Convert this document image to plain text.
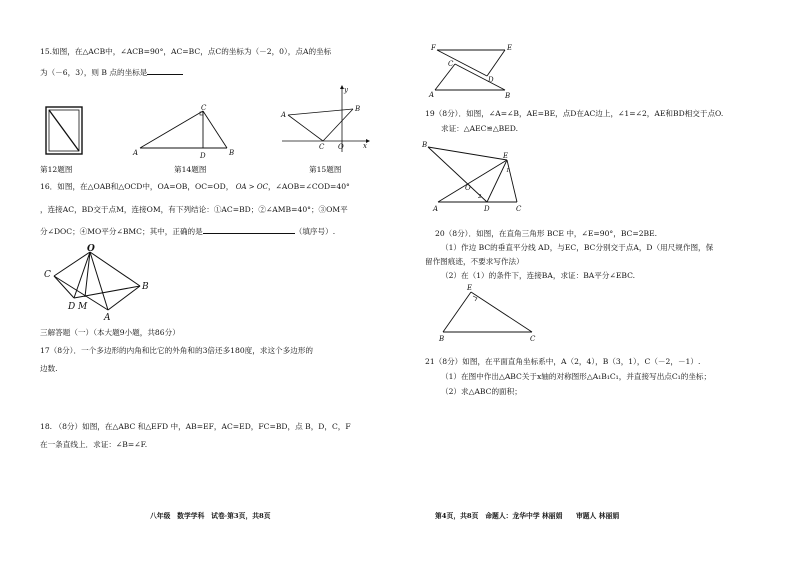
15.如图，在△ACB中，∠ACB=90°，AC=BC，点C的坐标为（－2，0），点A的坐标
为（－6，3），则 B 点的坐标是
C
A	D	B
y
A
B
C O	x
第12题图	第14题图	第15题图
16．如图，在△OAB和△OCD中，OA=OB，OC=OD， OA > OC，∠AOB=∠COD=40°
，连接AC，BD交于点M，连接OM，有下列结论：①AC=BD；②∠AMB=40°；③OM平
分∠DOC；④MO平分∠BMC；其中，正确的是	（填序号）.
O
C
D M
B
A
三解答题（一）（本大题9小题，共86分）
17（8分）．一个多边形的内角和比它的外角和的3倍还多180度，求这个多边形的
边数.
18. （8分）如图，在△ABC 和△EFD 中，AB=EF，AC=ED，FC=BD，点 B，D，C，F
在一条直线上．求证：∠B=∠F.
八年级　数学学科　试卷·第3页，共8页
F	E
C
D
A	B
19（8分）．如图，∠A=∠B，AE=BE，点D在AC边上，∠1=∠2，AE和BD相交于点O.
求证：△AEC≌△BED.
B
E
O
2
1
A	D	C
20（8分）．如图，在直角三角形 BCE 中，∠E=90°，BC=2BE.
（1）作边 BC的垂直平分线 AD，与EC，BC分别交于点A，D（用尺规作图，保
留作图痕迹，不要求写作法）
（2）在（1）的条件下，连接BA，求证：BA平分∠EBC.
E
B	C
21（8分）如图，在平面直角坐标系中，A（2，4），B（3，1），C（－2，－1）.
（1）在图中作出△ABC关于x轴的对称图形△A₁B₁C₁，并直接写出点C₁的坐标；
（2）求△ABC的面积；
第4页，共8页　命题人：龙华中学 林丽娟　　审题人 林丽娟
